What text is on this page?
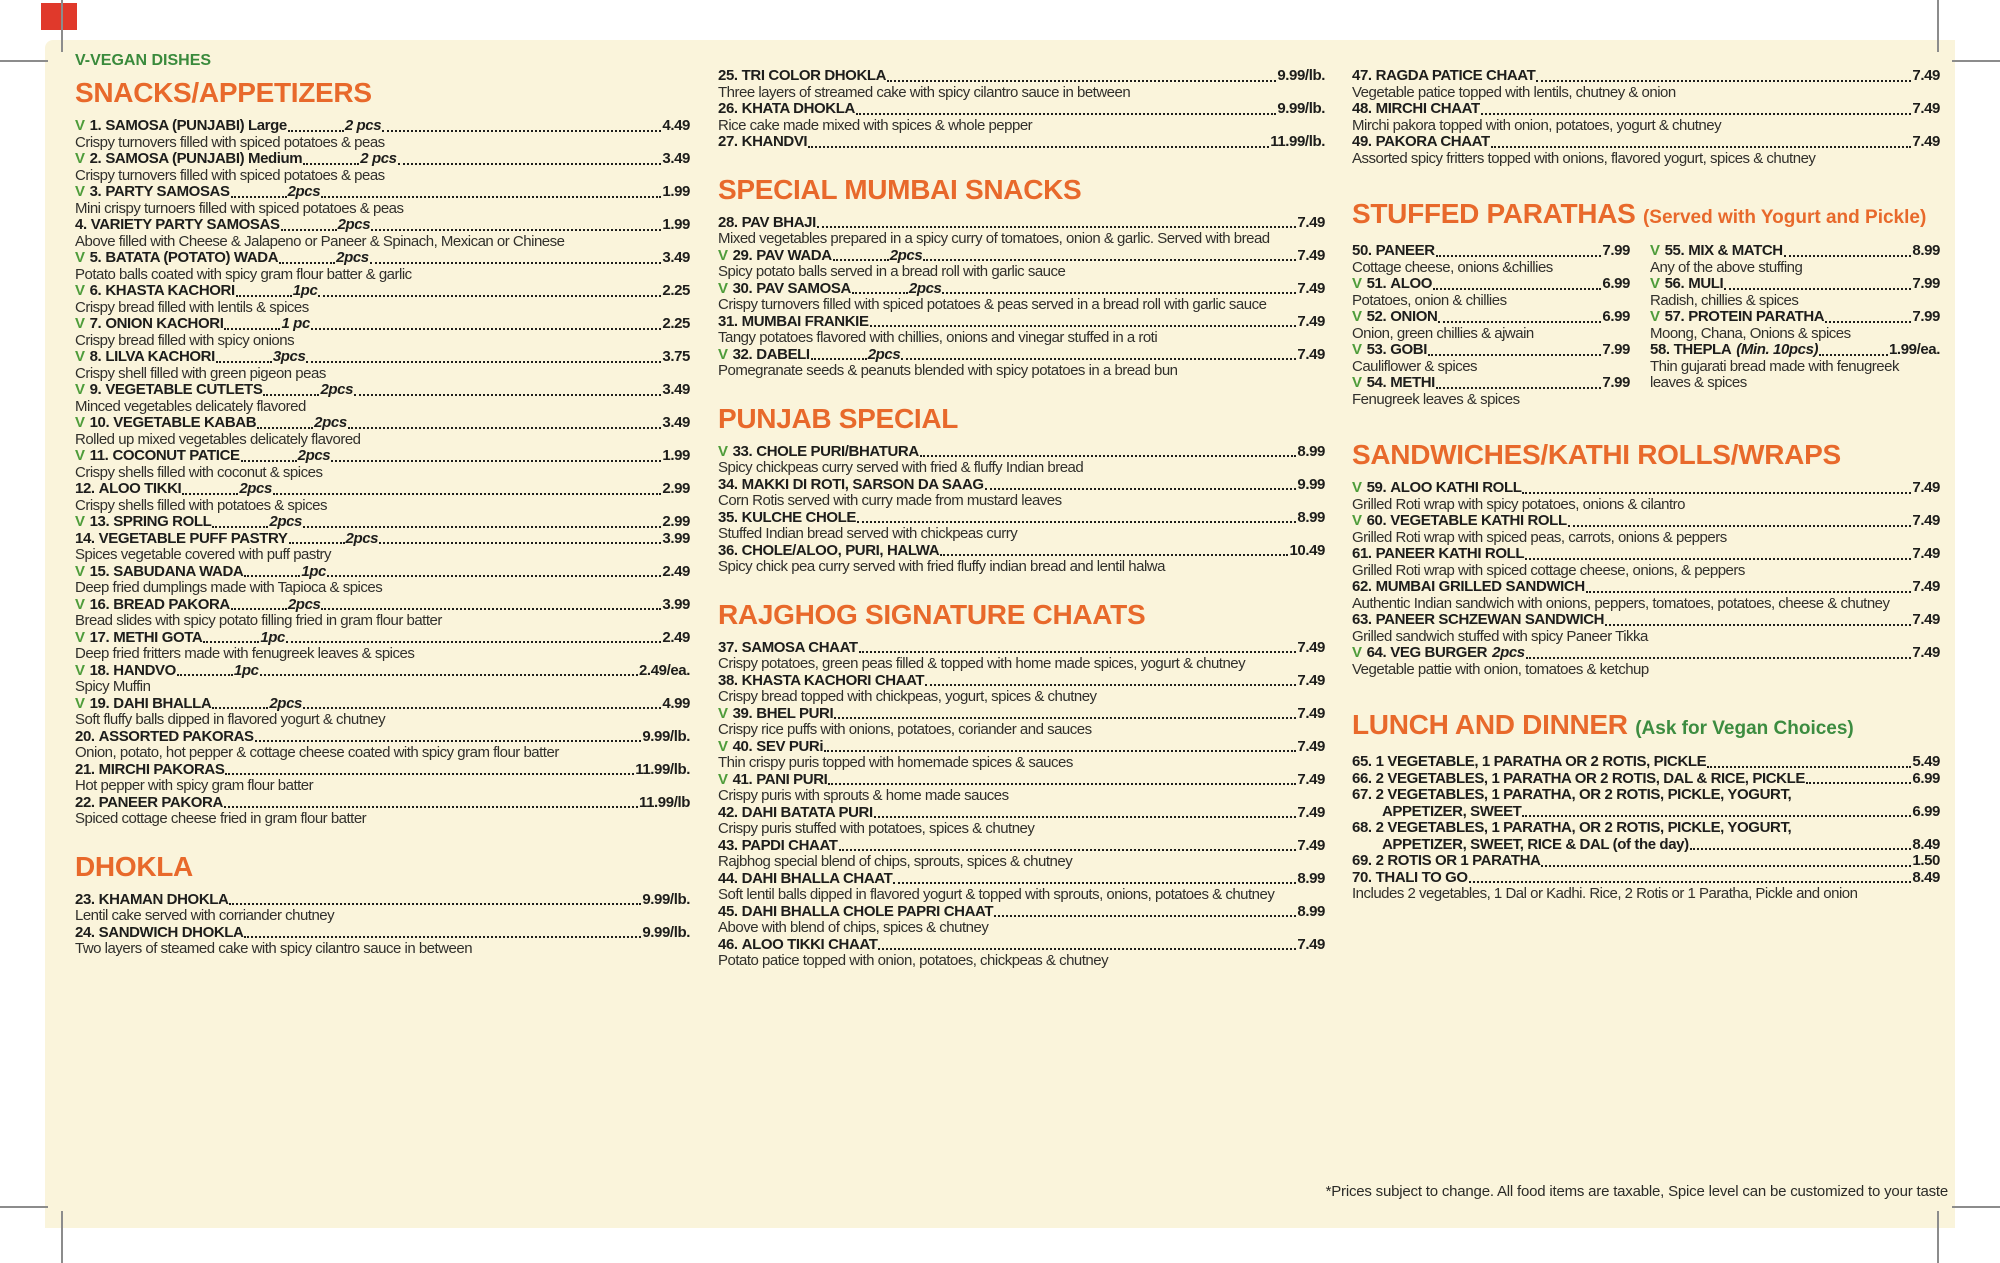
V-VEGAN DISHES
SNACKS/APPETIZERS
V 1. SAMOSA (PUNJABI) Large	2 pcs	4.49
Crispy turnovers filled with spiced potatoes & peas
V 2. SAMOSA (PUNJABI) Medium	2 pcs	3.49
Crispy turnovers filled with spiced potatoes & peas
V 3. PARTY SAMOSAS	2pcs	1.99
Mini crispy turnoers filled with spiced potatoes & peas
4. VARIETY PARTY SAMOSAS	2pcs	1.99
Above filled with Cheese & Jalapeno or Paneer & Spinach, Mexican or Chinese
V 5. BATATA (POTATO) WADA	2pcs	3.49
Potato balls coated with spicy gram flour batter & garlic
V 6. KHASTA KACHORI	1pc	2.25
Crispy bread filled with lentils & spices
V 7. ONION KACHORI	1 pc	2.25
Crispy bread filled with spicy onions
V 8. LILVA KACHORI	3pcs	3.75
Crispy shell filled with green pigeon peas
V 9. VEGETABLE CUTLETS	2pcs	3.49
Minced vegetables delicately flavored
V 10. VEGETABLE KABAB	2pcs	3.49
Rolled up mixed vegetables delicately flavored
V 11. COCONUT PATICE	2pcs	1.99
Crispy shells filled with coconut & spices
12. ALOO TIKKI	2pcs	2.99
Crispy shells filled with potatoes & spices
V 13. SPRING ROLL	2pcs	2.99
14. VEGETABLE PUFF PASTRY	2pcs	3.99
Spices vegetable covered with puff pastry
V 15. SABUDANA WADA	1pc	2.49
Deep fried dumplings made with Tapioca & spices
V 16. BREAD PAKORA	2pcs	3.99
Bread slides with spicy potato filling fried in gram flour batter
V 17. METHI GOTA	1pc	2.49
Deep fried fritters made with fenugreek leaves & spices
V 18. HANDVO	1pc	2.49/ea.
Spicy Muffin
V 19. DAHI BHALLA	2pcs	4.99
Soft fluffy balls dipped in flavored yogurt & chutney
20. ASSORTED PAKORAS	9.99/lb.
Onion, potato, hot pepper & cottage cheese coated with spicy gram flour batter
21. MIRCHI PAKORAS	11.99/lb.
Hot pepper with spicy gram flour batter
22. PANEER PAKORA	11.99/lb
Spiced cottage cheese fried in gram flour batter
DHOKLA
23. KHAMAN DHOKLA	9.99/lb.
Lentil cake served with corriander chutney
24. SANDWICH DHOKLA	9.99/lb.
Two layers of steamed cake with spicy cilantro sauce in between
25. TRI COLOR DHOKLA	9.99/lb.
Three layers of streamed cake with spicy cilantro sauce in between
26. KHATA DHOKLA	9.99/lb.
Rice cake made mixed with spices & whole pepper
27. KHANDVI	11.99/lb.
SPECIAL MUMBAI SNACKS
28. PAV BHAJI	7.49
Mixed vegetables prepared in a spicy curry of tomatoes, onion & garlic. Served with bread
V 29. PAV WADA	2pcs	7.49
Spicy potato balls served in a bread roll with garlic sauce
V 30. PAV SAMOSA	2pcs	7.49
Crispy turnovers filled with spiced potatoes & peas served in a bread roll with garlic sauce
31. MUMBAI FRANKIE	7.49
Tangy potatoes flavored with chillies, onions and vinegar stuffed in a roti
V 32. DABELI	2pcs	7.49
Pomegranate seeds & peanuts blended with spicy potatoes in a bread bun
PUNJAB SPECIAL
V 33. CHOLE PURI/BHATURA	8.99
Spicy chickpeas curry served with fried & fluffy Indian bread
34. MAKKI DI ROTI, SARSON DA SAAG	9.99
Corn Rotis served with curry made from mustard leaves
35. KULCHE CHOLE	8.99
Stuffed Indian bread served with chickpeas curry
36. CHOLE/ALOO, PURI, HALWA	10.49
Spicy chick pea curry served with fried fluffy indian bread and lentil halwa
RAJGHOG SIGNATURE CHAATS
37. SAMOSA CHAAT	7.49
Crispy potatoes, green peas filled & topped with home made spices, yogurt & chutney
38. KHASTA KACHORI CHAAT	7.49
Crispy bread topped with chickpeas, yogurt, spices & chutney
V 39. BHEL PURI	7.49
Crispy rice puffs with onions, potatoes, coriander and sauces
V 40. SEV PURi	7.49
Thin crispy puris topped with homemade spices & sauces
V 41. PANI PURI	7.49
Crispy puris with sprouts & home made sauces
42. DAHI BATATA PURI	7.49
Crispy puris stuffed with potatoes, spices & chutney
43. PAPDI CHAAT	7.49
Rajbhog special blend of chips, sprouts, spices & chutney
44. DAHI BHALLA CHAAT	8.99
Soft lentil balls dipped in flavored yogurt & topped with sprouts, onions, potatoes & chutney
45. DAHI BHALLA CHOLE PAPRI CHAAT	8.99
Above with blend of chips, spices & chutney
46. ALOO TIKKI CHAAT	7.49
Potato patice topped with onion, potatoes, chickpeas & chutney
47. RAGDA PATICE CHAAT	7.49
Vegetable patice topped with lentils, chutney & onion
48. MIRCHI CHAAT	7.49
Mirchi pakora topped with onion, potatoes, yogurt & chutney
49. PAKORA CHAAT	7.49
Assorted spicy fritters topped with onions, flavored yogurt, spices & chutney
STUFFED PARATHAS (Served with Yogurt and Pickle)
50. PANEER	7.99
Cottage cheese, onions &chillies
V 51. ALOO	6.99
Potatoes, onion & chillies
V 52. ONION	6.99
Onion, green chillies & ajwain
V 53. GOBI	7.99
Cauliflower & spices
V 54. METHI	7.99
Fenugreek leaves & spices
V 55. MIX & MATCH	8.99
Any of the above stuffing
V 56. MULI	7.99
Radish, chillies & spices
V 57. PROTEIN PARATHA	7.99
Moong, Chana, Onions & spices
58. THEPLA (Min. 10pcs)	1.99/ea.
Thin gujarati bread made with fenugreek leaves & spices
SANDWICHES/KATHI ROLLS/WRAPS
V 59. ALOO KATHI ROLL	7.49
Grilled Roti wrap with spicy potatoes, onions & cilantro
V 60. VEGETABLE KATHI ROLL	7.49
Grilled Roti wrap with spiced peas, carrots, onions & peppers
61. PANEER KATHI ROLL	7.49
Grilled Roti wrap with spiced cottage cheese, onions, & peppers
62. MUMBAI GRILLED SANDWICH	7.49
Authentic Indian sandwich with onions, peppers, tomatoes, potatoes, cheese & chutney
63. PANEER SCHZEWAN SANDWICH	7.49
Grilled sandwich stuffed with spicy Paneer Tikka
V 64. VEG BURGER 2pcs	7.49
Vegetable pattie with onion, tomatoes & ketchup
LUNCH AND DINNER (Ask for Vegan Choices)
65. 1 VEGETABLE, 1 PARATHA OR 2 ROTIS, PICKLE	5.49
66. 2 VEGETABLES, 1 PARATHA OR 2 ROTIS, DAL & RICE, PICKLE	6.99
67. 2 VEGETABLES, 1 PARATHA, OR 2 ROTIS, PICKLE, YOGURT,
APPETIZER, SWEET	6.99
68. 2 VEGETABLES, 1 PARATHA, OR 2 ROTIS, PICKLE, YOGURT,
APPETIZER, SWEET, RICE & DAL (of the day)	8.49
69. 2 ROTIS OR 1 PARATHA	1.50
70. THALI TO GO	8.49
Includes 2 vegetables, 1 Dal or Kadhi. Rice, 2 Rotis or 1 Paratha, Pickle and onion
*Prices subject to change. All food items are taxable, Spice level can be customized to your taste
